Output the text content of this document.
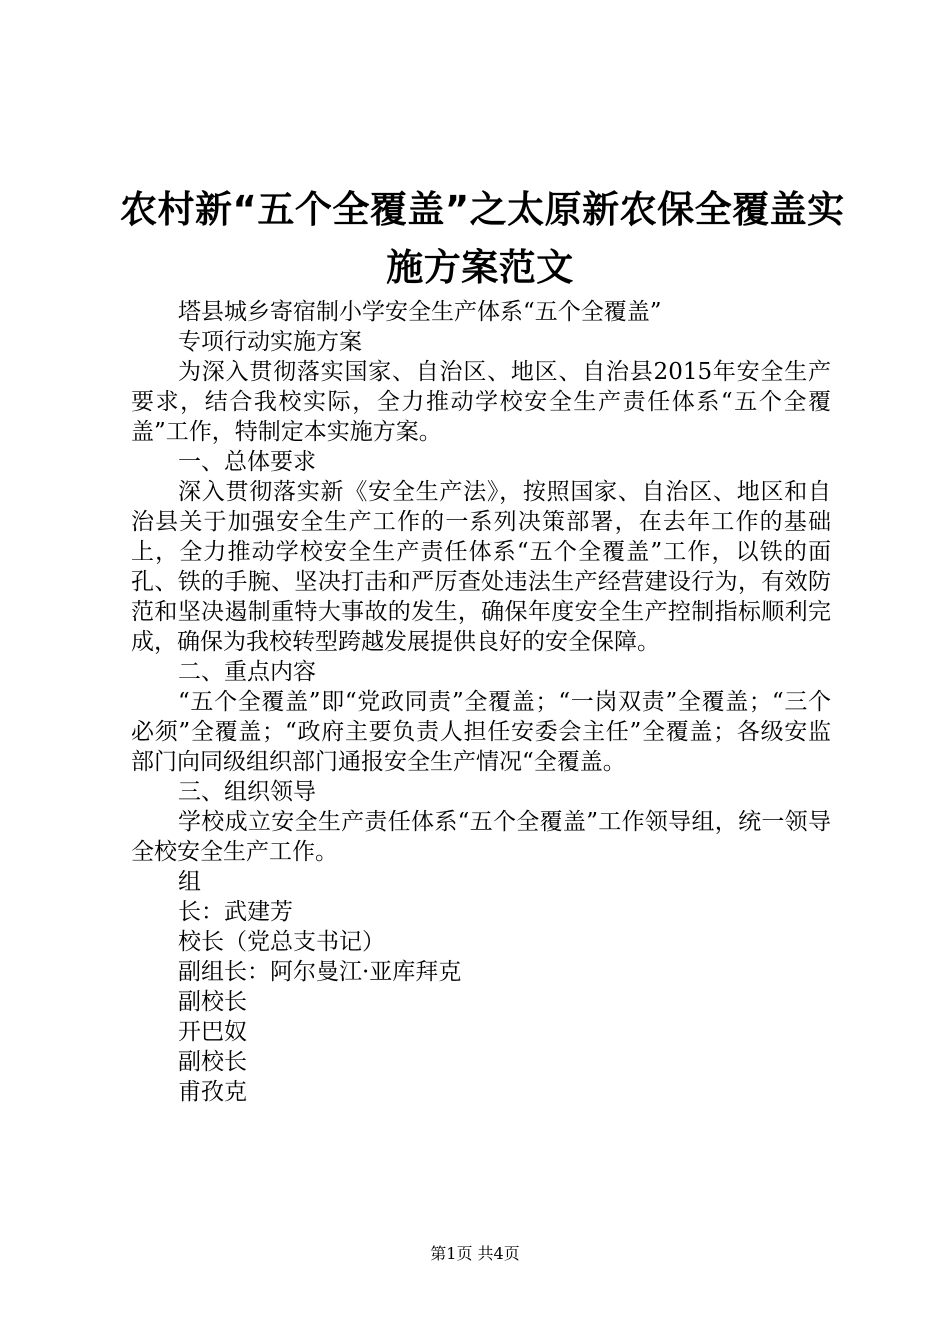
农村新“五个全覆盖”之太原新农保全覆盖实
施方案范文

塔县城乡寄宿制小学安全生产体系“五个全覆盖”

专项行动实施方案

为深入贯彻落实国家、自治区、地区、自治县2015年安全生产要求，结合我校实际，全力推动学校安全生产责任体系“五个全覆盖”工作，特制定本实施方案。

一、总体要求

深入贯彻落实新《安全生产法》，按照国家、自治区、地区和自治县关于加强安全生产工作的一系列决策部署，在去年工作的基础上，全力推动学校安全生产责任体系“五个全覆盖”工作，以铁的面孔、铁的手腕、坚决打击和严厉查处违法生产经营建设行为，有效防范和坚决遏制重特大事故的发生，确保年度安全生产控制指标顺利完成，确保为我校转型跨越发展提供良好的安全保障。

二、重点内容

“五个全覆盖”即“党政同责”全覆盖；“一岗双责”全覆盖；“三个必须”全覆盖；“政府主要负责人担任安委会主任”全覆盖；各级安监部门向同级组织部门通报安全生产情况“全覆盖。

三、组织领导

学校成立安全生产责任体系“五个全覆盖”工作领导组，统一领导全校安全生产工作。

组

长：武建芳

校长（党总支书记）

副组长：阿尔曼江·亚库拜克

副校长

开巴奴

副校长

甫孜克

第1页 共4页
